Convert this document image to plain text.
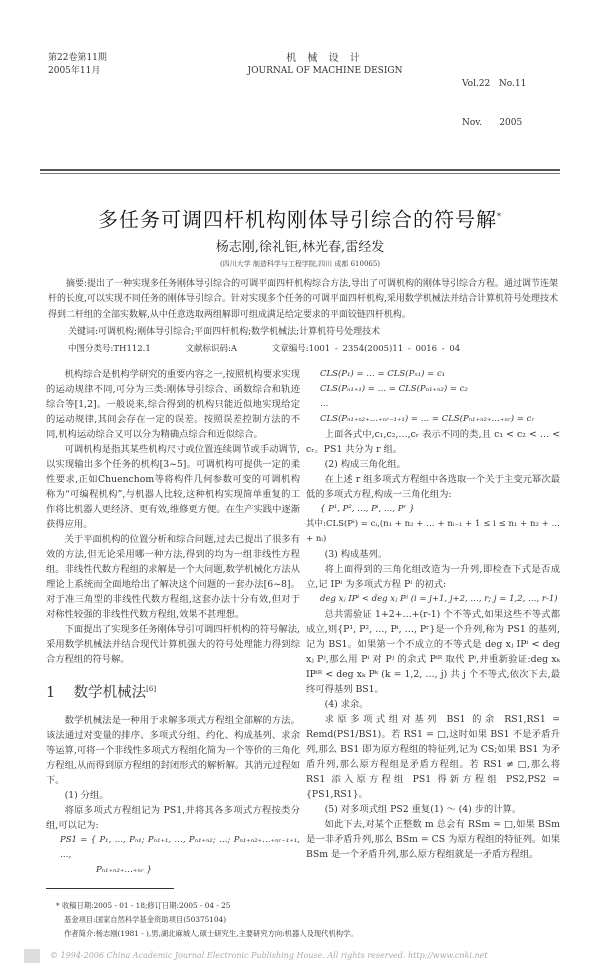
第22卷第11期
2005年11月
机 械 设 计
JOURNAL OF MACHINE DESIGN

Vol.22   No.11

Nov.      2005

多任务可调四杆机构刚体导引综合的符号解*
杨志刚,徐礼钜,林光春,雷经发
(四川大学 制造科学与工程学院,四川 成都 610065)
摘要:提出了一种实现多任务刚体导引综合的可调平面四杆机构综合方法,导出了可调机构的刚体导引综合方程。通过调节连架杆的长度,可以实现不同任务的刚体导引综合。针对实现多个任务的可调平面四杆机构,采用数学机械法并结合计算机符号处理技术得到二杆组的全部实数解,从中任意选取两组解即可组成满足给定要求的平面铰链四杆机构。
关键词:可调机构;刚体导引综合;平面四杆机构;数学机械法;计算机符号处理技术
中图分类号:TH112.1	文献标识码:A	文章编号:1001 - 2354(2005)11 - 0016 - 04

机构综合是机构学研究的重要内容之一,按照机构要求实现的运动规律不同,可分为三类:刚体导引综合、函数综合和轨迹综合等[1,2]。一般说来,综合得到的机构只能近似地实现给定的运动规律,其间会存在一定的误差。按照误差控制方法的不同,机构运动综合又可以分为精确点综合和近似综合。

可调机构是指其某些机构尺寸或位置连续调节或手动调节,以实现输出多个任务的机构[3~5]。可调机构可提供一定的柔性要求,正如Chuenchom等将构件几何参数可变的可调机构称为“可编程机构”,与机器人比较,这种机构实现简单重复的工作将比机器人更经济、更有效,维修更方便。在生产实践中逐渐获得应用。

关于平面机构的位置分析和综合问题,过去已提出了很多有效的方法,但无论采用哪一种方法,得到的均为一组非线性方程组。非线性代数方程组的求解是一个大问题,数学机械化方法从理论上系统而全面地给出了解决这个问题的一套办法[6~8]。对于准三角型的非线性代数方程组,这套办法十分有效,但对于对称性较强的非线性代数方程组,效果不甚理想。

下面提出了实现多任务刚体导引可调四杆机构的符号解法,采用数学机械法并结合现代计算机强大的符号处理能力得到综合方程组的符号解。

1 数学机械法[6]

数学机械法是一种用于求解多项式方程组全部解的方法。该法通过对变量的排序、多项式分组、约化、构成基列、求余等运算,可将一个非线性多项式方程组化简为一个等价的三角化方程组,从而得到原方程组的封闭形式的解析解。其消元过程如下。

(1) 分组。

将原多项式方程组记为 PS1,并将其各多项式方程按类分组,可以记为:

PS1 = { P₁, …, Pₙ₁; Pₙ₁₊₁, …, Pₙ₁₊ₙ₂; …; Pₙ₁₊ₙ₂₊…₊ₙᵣ₋₁₊₁, …,

Pₙ₁₊ₙ₂₊…₊ₙᵣ }

CLS(P₁) = … = CLS(Pₙ₁) = c₁

CLS(Pₙ₁₊₁) = … = CLS(Pₙ₁₊ₙ₂) = c₂

…

CLS(Pₙ₁₊ₙ₂₊…₊ₙᵣ₋₁₊₁) = … = CLS(Pₙ₁₊ₙ₂₊…₊ₙᵣ) = cᵣ

上面各式中,c₁,c₂,…,cᵣ 表示不同的类,且 c₁ < c₂ < … < cᵣ。PS1 共分为 r 组。

(2) 构成三角化组。

在上述 r 组多项式方程组中各选取一个关于主变元幂次最低的多项式方程,构成一三角化组为:

{ P¹, P², …, Pⁱ, …, Pʳ }

其中:CLS(Pⁱ) = cᵢ,(n₁ + n₂ + … + nᵢ₋₁ + 1 ≤ i ≤ n₁ + n₂ + … + nᵢ)

(3) 构成基列。

将上面得到的三角化组改造为一升列,即检查下式是否成立,记 IPⁱ 为多项式方程 Pⁱ 的初式:

deg xⱼ IPⁱ < deg xⱼ Pʲ (i = j+1, j+2, …, r; j = 1,2, …, r-1)

总共需验证 1+2+…+(r-1) 个不等式,如果这些不等式都成立,则{P¹, P², …, Pⁱ, …, Pʳ}是一个升列,称为 PS1 的基列,记为 BS1。如果第一个不成立的不等式是 deg xⱼ IPⁱ < deg xⱼ Pʲ,那么用 Pⁱ 对 Pʲ 的余式 Pⁱᴿ 取代 Pⁱ,并重新验证:deg xₖ IPⁱᴿ < deg xₖ Pᵏ (k = 1,2, …, j) 共 j 个不等式,依次下去,最终可得基列 BS1。

(4) 求余。

求原多项式组对基列 BS1 的余 RS1,RS1 = Remd(PS1/BS1)。若 RS1 = □,这时如果 BS1 不是矛盾升列,那么 BS1 即为原方程组的特征列,记为 CS;如果 BS1 为矛盾升列,那么原方程组是矛盾方程组。若 RS1 ≠ □,那么将 RS1 添入原方程组 PS1 得新方程组 PS2,PS2 = {PS1,RS1}。

(5) 对多项式组 PS2 重复(1) ～ (4) 步的计算。

如此下去,对某个正整数 m 总会有 RSm = □,如果 BSm 是一非矛盾升列,那么 BSm = CS 为原方程组的特征列。如果 BSm 是一个矛盾升列,那么原方程组就是一矛盾方程组。

* 收稿日期:2005 - 01 - 18;修订日期:2005 - 04 - 25
基金项目:国家自然科学基金资助项目(50375104)
作者简介:杨志刚(1981 - ),男,湖北麻城人,硕士研究生,主要研究方向:机器人及现代机构学。
© 1994-2006 China Academic Journal Electronic Publishing House. All rights reserved. http://www.cnki.net
